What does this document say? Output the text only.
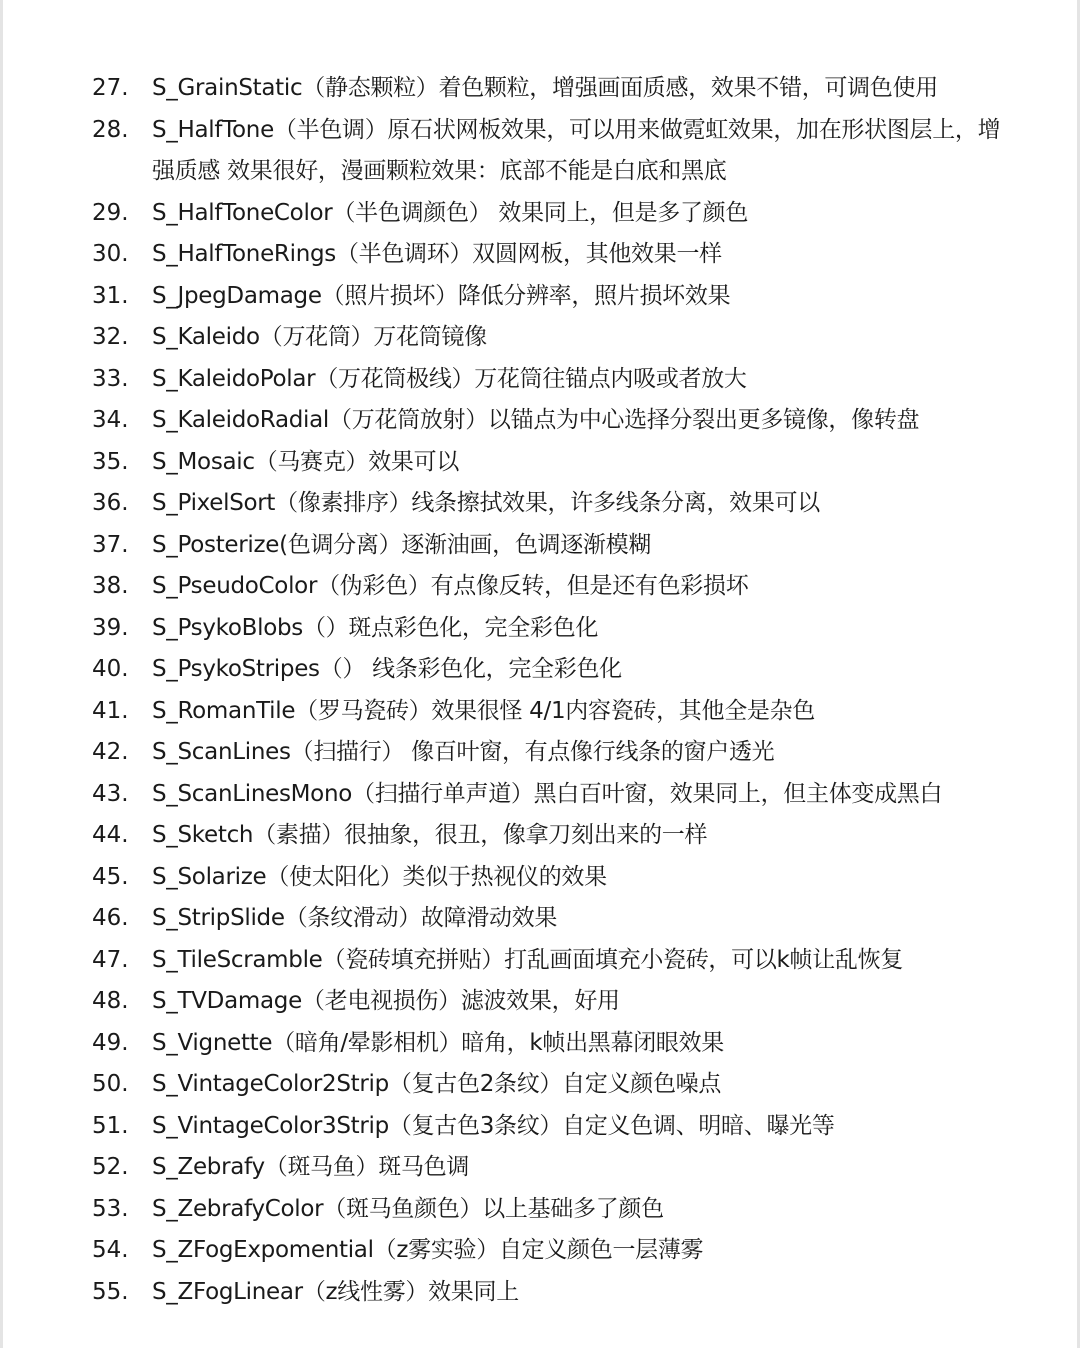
27.	S_GrainStatic（静态颗粒）着色颗粒，增强画面质感，效果不错，可调色使用
28.	S_HalfTone（半色调）原石状网板效果，可以用来做霓虹效果，加在形状图层上，增强质感 效果很好，漫画颗粒效果：底部不能是白底和黑底
29.	S_HalfToneColor（半色调颜色） 效果同上，但是多了颜色
30.	S_HalfToneRings（半色调环）双圆网板，其他效果一样
31.	S_JpegDamage（照片损坏）降低分辨率，照片损坏效果
32.	S_Kaleido（万花筒）万花筒镜像
33.	S_KaleidoPolar（万花筒极线）万花筒往锚点内吸或者放大
34.	S_KaleidoRadial（万花筒放射）以锚点为中心选择分裂出更多镜像，像转盘
35.	S_Mosaic（马赛克）效果可以
36.	S_PixelSort（像素排序）线条擦拭效果，许多线条分离，效果可以
37.	S_Posterize(色调分离）逐渐油画，色调逐渐模糊
38.	S_PseudoColor（伪彩色）有点像反转，但是还有色彩损坏
39.	S_PsykoBlobs（）斑点彩色化，完全彩色化
40.	S_PsykoStripes（） 线条彩色化，完全彩色化
41.	S_RomanTile（罗马瓷砖）效果很怪 4/1内容瓷砖，其他全是杂色
42.	S_ScanLines（扫描行） 像百叶窗，有点像行线条的窗户透光
43.	S_ScanLinesMono（扫描行单声道）黑白百叶窗，效果同上，但主体变成黑白
44.	S_Sketch（素描）很抽象，很丑，像拿刀刻出来的一样
45.	S_Solarize（使太阳化）类似于热视仪的效果
46.	S_StripSlide（条纹滑动）故障滑动效果
47.	S_TileScramble（瓷砖填充拼贴）打乱画面填充小瓷砖，可以k帧让乱恢复
48.	S_TVDamage（老电视损伤）滤波效果，好用
49.	S_Vignette（暗角/晕影相机）暗角，k帧出黑幕闭眼效果
50.	S_VintageColor2Strip（复古色2条纹）自定义颜色噪点
51.	S_VintageColor3Strip（复古色3条纹）自定义色调、明暗、曝光等
52.	S_Zebrafy（斑马鱼）斑马色调
53.	S_ZebrafyColor（斑马鱼颜色）以上基础多了颜色
54.	S_ZFogExpomential（z雾实验）自定义颜色一层薄雾
55.	S_ZFogLinear（z线性雾）效果同上
